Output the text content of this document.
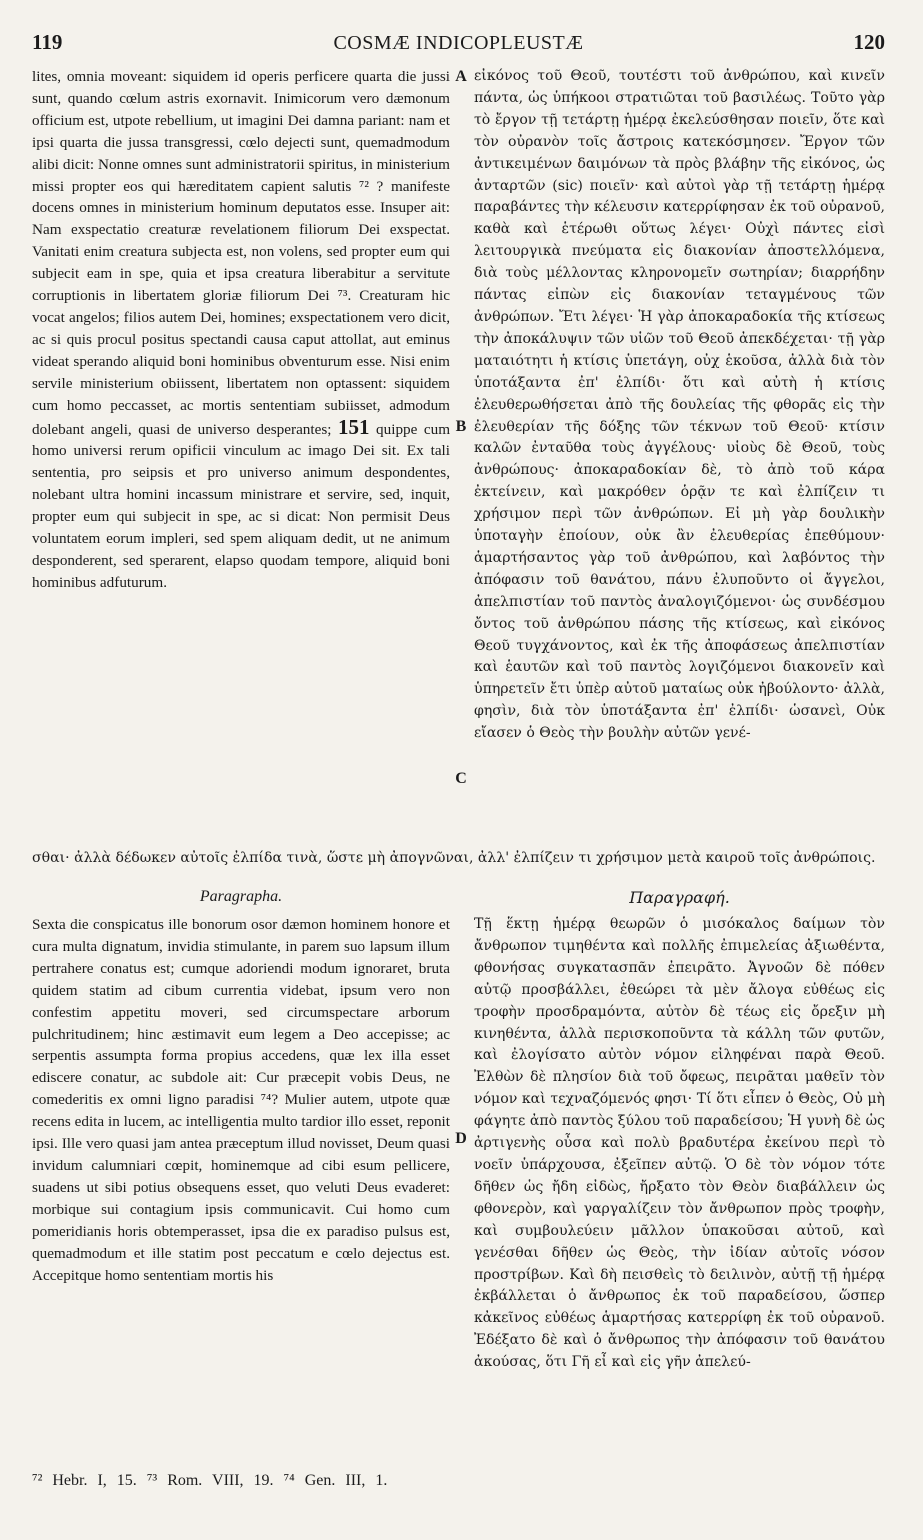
119	COSMÆ INDICOPLEUSTÆ	120
lites, omnia moveant: siquidem id operis perficere quarta die jussi sunt, quando cœlum astris exornavit. Inimicorum vero dæmonum officium est, utpote rebellium, ut imagini Dei damna pariant: nam et ipsi quarta die jussa transgressi, cœlo dejecti sunt, quemadmodum alibi dicit: Nonne omnes sunt administratorii spiritus, in ministerium missi propter eos qui hæreditatem capient salutis ⁷² ? manifeste docens omnes in ministerium hominum deputatos esse. Insuper ait: Nam exspectatio creaturæ revelationem filiorum Dei exspectat. Vanitati enim creatura subjecta est, non volens, sed propter eum qui subjecit eam in spe, quia et ipsa creatura liberabitur a servitute corruptionis in libertatem gloriæ filiorum Dei ⁷³. Creaturam hic vocat angelos; filios autem Dei, homines; exspectationem vero dicit, ac si quis procul positus spectandi causa caput attollat, aut eminus videat sperando aliquid boni hominibus obventurum esse. Nisi enim servile ministerium obiissent, libertatem non optassent: siquidem cum homo peccasset, ac mortis sententiam subiisset, admodum dolebant angeli, quasi de universo desperantes; 151 quippe cum homo universi rerum opificii vinculum ac imago Dei sit. Ex tali sententia, pro seipsis et pro universo animum despondentes, nolebant ultra homini incassum ministrare et servire, sed, inquit, propter eum qui subjecit in spe, ac si dicat: Non permisit Deus voluntatem eorum impleri, sed spem aliquam dedit, ut ne animum desponderent, sed sperarent, elapso quodam tempore, aliquid boni hominibus adfuturum.
εἰκόνος τοῦ Θεοῦ, τουτέστι τοῦ ἀνθρώπου, καὶ κινεῖν πάντα, ὡς ὑπήκοοι στρατιῶται τοῦ βασιλέως. Τοῦτο γὰρ τὸ ἔργον τῇ τετάρτῃ ἡμέρᾳ ἐκελεύσθησαν ποιεῖν, ὅτε καὶ τὸν οὐρανὸν τοῖς ἄστροις κατεκόσμησεν. Ἔργον τῶν ἀντικειμένων δαιμόνων τὰ πρὸς βλάβην τῆς εἰκόνος, ὡς ἀνταρτῶν (sic) ποιεῖν· καὶ αὐτοὶ γὰρ τῇ τετάρτῃ ἡμέρᾳ παραβάντες τὴν κέλευσιν κατερρίφησαν ἐκ τοῦ οὐρανοῦ, καθὰ καὶ ἑτέρωθι οὕτως λέγει· Οὐχὶ πάντες εἰσὶ λειτουργικὰ πνεύματα εἰς διακονίαν ἀποστελλόμενα, διὰ τοὺς μέλλοντας κληρονομεῖν σωτηρίαν; διαρρήδην πάντας εἰπὼν εἰς διακονίαν τεταγμένους τῶν ἀνθρώπων. Ἔτι λέγει· Ἡ γὰρ ἀποκαραδοκία τῆς κτίσεως τὴν ἀποκάλυψιν τῶν υἱῶν τοῦ Θεοῦ ἀπεκδέχεται· τῇ γὰρ ματαιότητι ἡ κτίσις ὑπετάγη, οὐχ ἑκοῦσα, ἀλλὰ διὰ τὸν ὑποτάξαντα ἐπ' ἐλπίδι· ὅτι καὶ αὐτὴ ἡ κτίσις ἐλευθερωθήσεται ἀπὸ τῆς δουλείας τῆς φθορᾶς εἰς τὴν ἐλευθερίαν τῆς δόξης τῶν τέκνων τοῦ Θεοῦ· κτίσιν καλῶν ἐνταῦθα τοὺς ἀγγέλους· υἱοὺς δὲ Θεοῦ, τοὺς ἀνθρώπους· ἀποκαραδοκίαν δὲ, τὸ ἀπὸ τοῦ κάρα ἐκτείνειν, καὶ μακρόθεν ὁρᾷν τε καὶ ἐλπίζειν τι χρήσιμον περὶ τῶν ἀνθρώπων. Εἰ μὴ γὰρ δουλικὴν ὑποταγὴν ἐποίουν, οὐκ ἂν ἐλευθερίας ἐπεθύμουν· ἁμαρτήσαντος γὰρ τοῦ ἀνθρώπου, καὶ λαβόντος τὴν ἀπόφασιν τοῦ θανάτου, πάνυ ἐλυποῦντο οἱ ἄγγελοι, ἀπελπιστίαν τοῦ παντὸς ἀναλογιζόμενοι· ὡς συνδέσμου ὄντος τοῦ ἀνθρώπου πάσης τῆς κτίσεως, καὶ εἰκόνος Θεοῦ τυγχάνοντος, καὶ ἐκ τῆς ἀποφάσεως ἀπελπιστίαν καὶ ἑαυτῶν καὶ τοῦ παντὸς λογιζόμενοι διακονεῖν καὶ ὑπηρετεῖν ἔτι ὑπὲρ αὐτοῦ ματαίως οὐκ ἠβούλοντο· ἀλλὰ, φησὶν, διὰ τὸν ὑποτάξαντα ἐπ' ἐλπίδι· ὡσανεὶ, Οὐκ εἴασεν ὁ Θεὸς τὴν βουλὴν αὐτῶν γενέ-
A
B
C
D
σθαι· ἀλλὰ δέδωκεν αὐτοῖς ἐλπίδα τινὰ, ὥστε μὴ ἀπογνῶναι, ἀλλ' ἐλπίζειν τι χρήσιμον μετὰ καιροῦ τοῖς ἀνθρώποις.
Paragrapha.	Παραγραφή.
Sexta die conspicatus ille bonorum osor dæmon hominem honore et cura multa dignatum, invidia stimulante, in parem suo lapsum illum pertrahere conatus est; cumque adoriendi modum ignoraret, bruta quidem statim ad cibum currentia videbat, ipsum vero non confestim appetitu moveri, sed circumspectare arborum pulchritudinem; hinc æstimavit eum legem a Deo accepisse; ac serpentis assumpta forma propius accedens, quæ lex illa esset ediscere conatur, ac subdole ait: Cur præcepit vobis Deus, ne comederitis ex omni ligno paradisi ⁷⁴? Mulier autem, utpote quæ recens edita in lucem, ac intelligentia multo tardior illo esset, reponit ipsi. Ille vero quasi jam antea præceptum illud novisset, Deum quasi invidum calumniari cœpit, hominemque ad cibi esum pellicere, suadens ut sibi potius obsequens esset, quo veluti Deus evaderet: morbique sui contagium ipsis communicavit. Cui homo cum pomeridianis horis obtemperasset, ipsa die ex paradiso pulsus est, quemadmodum et ille statim post peccatum e cœlo dejectus est. Accepitque homo sententiam mortis his
Τῇ ἕκτῃ ἡμέρᾳ θεωρῶν ὁ μισόκαλος δαίμων τὸν ἄνθρωπον τιμηθέντα καὶ πολλῆς ἐπιμελείας ἀξιωθέντα, φθονήσας συγκατασπᾶν ἐπειρᾶτο. Ἀγνοῶν δὲ πόθεν αὐτῷ προσβάλλει, ἐθεώρει τὰ μὲν ἄλογα εὐθέως εἰς τροφὴν προσδραμόντα, αὐτὸν δὲ τέως εἰς ὄρεξιν μὴ κινηθέντα, ἀλλὰ περισκοποῦντα τὰ κάλλη τῶν φυτῶν, καὶ ἐλογίσατο αὐτὸν νόμον εἰληφέναι παρὰ Θεοῦ. Ἐλθὼν δὲ πλησίον διὰ τοῦ ὄφεως, πειρᾶται μαθεῖν τὸν νόμον καὶ τεχναζόμενός φησι· Τί ὅτι εἶπεν ὁ Θεὸς, Οὐ μὴ φάγητε ἀπὸ παντὸς ξύλου τοῦ παραδείσου; Ἡ γυνὴ δὲ ὡς ἀρτιγενὴς οὖσα καὶ πολὺ βραδυτέρα ἐκείνου περὶ τὸ νοεῖν ὑπάρχουσα, ἐξεῖπεν αὐτῷ. Ὁ δὲ τὸν νόμον τότε δῆθεν ὡς ἤδη εἰδὼς, ἤρξατο τὸν Θεὸν διαβάλλειν ὡς φθονερὸν, καὶ γαργαλίζειν τὸν ἄνθρωπον πρὸς τροφὴν, καὶ συμβουλεύειν μᾶλλον ὑπακοῦσαι αὐτοῦ, καὶ γενέσθαι δῆθεν ὡς Θεὸς, τὴν ἰδίαν αὐτοῖς νόσον προστρίβων. Καὶ δὴ πεισθεὶς τὸ δειλινὸν, αὐτῇ τῇ ἡμέρᾳ ἐκβάλλεται ὁ ἄνθρωπος ἐκ τοῦ παραδείσου, ὥσπερ κἀκεῖνος εὐθέως ἁμαρτήσας κατερρίφη ἐκ τοῦ οὐρανοῦ. Ἐδέξατο δὲ καὶ ὁ ἄνθρωπος τὴν ἀπόφασιν τοῦ θανάτου ἀκούσας, ὅτι Γῆ εἶ καὶ εἰς γῆν ἀπελεύ-
⁷² Hebr. I, 15. ⁷³ Rom. VIII, 19. ⁷⁴ Gen. III, 1.
